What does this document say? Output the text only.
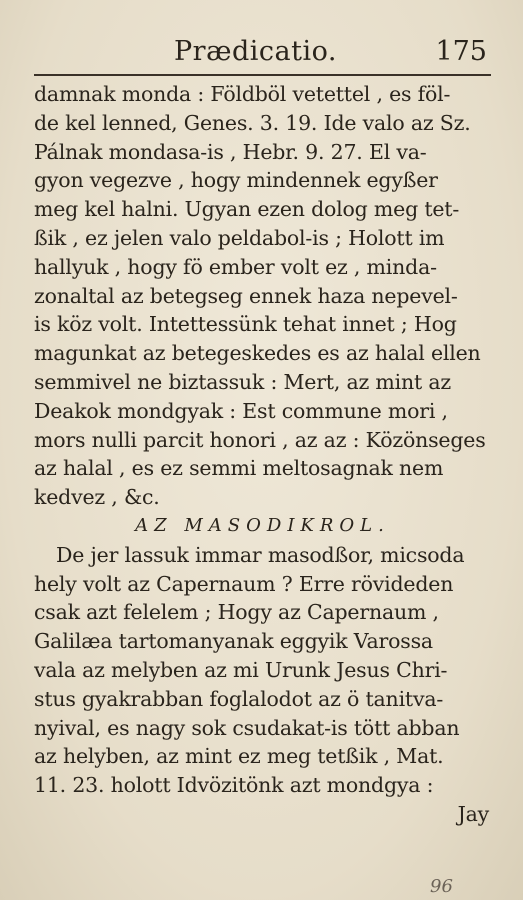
Prædicatio.	175
damnak monda : Földböl vetettel , es föl-
de kel lenned, Genes. 3. 19. Ide valo az Sz.
Pálnak mondasa-is , Hebr. 9. 27. El va-
gyon vegezve , hogy mindennek egyßer
meg kel halni. Ugyan ezen dolog meg tet-
ßik , ez jelen valo peldabol-is ; Holott im
hallyuk , hogy fö ember volt ez , minda-
zonaltal az betegseg ennek haza nepevel-
is köz volt. Intettessünk tehat innet ; Hog
magunkat az betegeskedes es az halal ellen
semmivel ne biztassuk : Mert, az mint az
Deakok mondgyak : Est commune mori ,
mors nulli parcit honori , az az : Közönseges
az halal , es ez semmi meltosagnak nem
kedvez , &c.
AZ MASODIKROL.
De jer lassuk immar masodßor, micsoda
hely volt az Capernaum ? Erre rövideden
csak azt felelem ; Hogy az Capernaum ,
Galilæa tartomanyanak eggyik Varossa
vala az melyben az mi Urunk Jesus Chri-
stus gyakrabban foglalodot az ö tanitva-
nyival, es nagy sok csudakat-is tött abban
az helyben, az mint ez meg tetßik , Mat.
11. 23. holott Idvözitönk azt mondgya :
Jay
96
